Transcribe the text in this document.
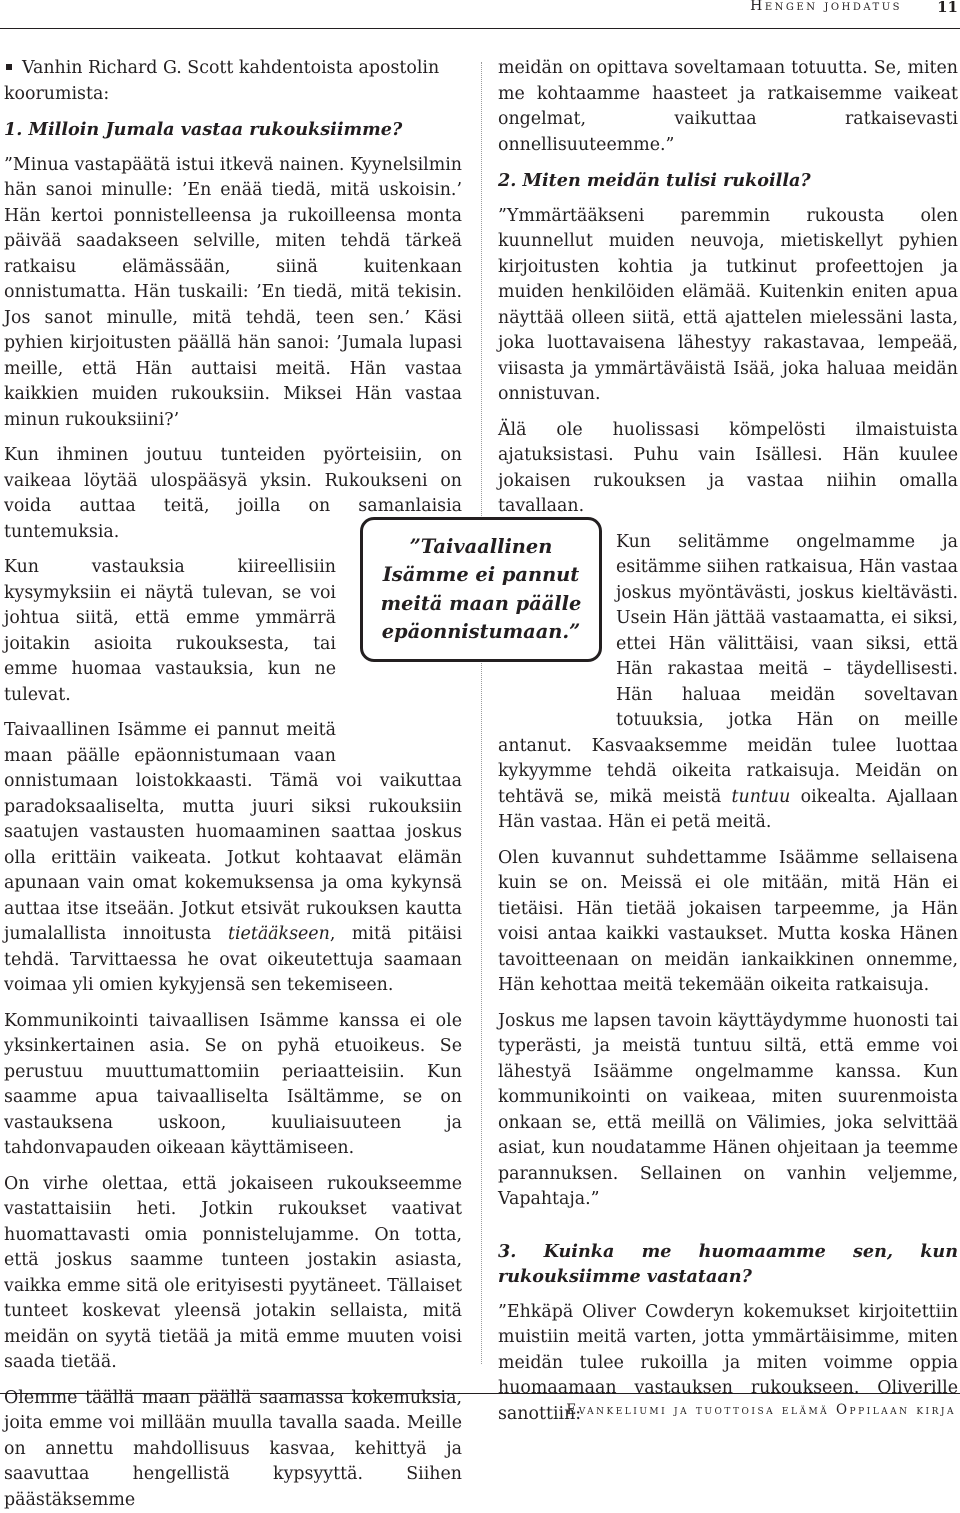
Hengen johdatus 11

Vanhin Richard G. Scott kahdentoista apostolin koorumista:

1. Milloin Jumala vastaa rukouksiimme?

”Minua vastapäätä istui itkevä nainen. Kyynelsilmin hän sanoi minulle: ’En enää tiedä, mitä uskoisin.’ Hän kertoi ponnistelleensa ja rukoilleensa monta päivää saadakseen selville, miten tehdä tärkeä ratkaisu elämässään, siinä kuitenkaan onnistumatta. Hän tuskaili: ’En tiedä, mitä tekisin. Jos sanot minulle, mitä tehdä, teen sen.’ Käsi pyhien kirjoitusten päällä hän sanoi: ’Jumala lupasi meille, että Hän auttaisi meitä. Hän vastaa kaikkien muiden rukouksiin. Miksei Hän vastaa minun rukouksiini?’

Kun ihminen joutuu tunteiden pyörteisiin, on vaikeaa löytää ulospääsyä yksin. Rukoukseni on voida auttaa teitä, joilla on samanlaisia tuntemuksia.

Kun vastauksia kiireellisiin kysymyksiin ei näytä tulevan, se voi johtua siitä, että emme ymmärrä joitakin asioita rukouksesta, tai emme huomaa vastauksia, kun ne tulevat.

Taivaallinen Isämme ei pannut meitä maan päälle epäonnistumaan vaan onnistumaan loistokkaasti. Tämä voi vaikuttaa paradoksaaliselta, mutta juuri siksi rukouksiin saatujen vastausten huomaaminen saattaa joskus olla erittäin vaikeata. Jotkut kohtaavat elämän apunaan vain omat kokemuksensa ja oma kykynsä auttaa itse itseään. Jotkut etsivät rukouksen kautta jumalallista innoitusta tietääkseen, mitä pitäisi tehdä. Tarvittaessa he ovat oikeutettuja saamaan voimaa yli omien kykyjensä sen tekemiseen.

Kommunikointi taivaallisen Isämme kanssa ei ole yksinkertainen asia. Se on pyhä etuoikeus. Se perustuu muuttumattomiin periaatteisiin. Kun saamme apua taivaalliselta Isältämme, se on vastauksena uskoon, kuuliaisuuteen ja tahdonvapauden oikeaan käyttämiseen.

On virhe olettaa, että jokaiseen rukoukseemme vastattaisiin heti. Jotkin rukoukset vaativat huomattavasti omia ponnistelujamme. On totta, että joskus saamme tunteen jostakin asiasta, vaikka emme sitä ole erityisesti pyytäneet. Tällaiset tunteet koskevat yleensä jotakin sellaista, mitä meidän on syytä tietää ja mitä emme muuten voisi saada tietää.

Olemme täällä maan päällä saamassa kokemuksia, joita emme voi millään muulla tavalla saada. Meille on annettu mahdollisuus kasvaa, kehittyä ja saavuttaa hengellistä kypsyyttä. Siihen päästäksemme

meidän on opittava soveltamaan totuutta. Se, miten me kohtaamme haasteet ja ratkaisemme vaikeat ongelmat, vaikuttaa ratkaisevasti onnellisuuteemme.”

2. Miten meidän tulisi rukoilla?

”Ymmärtääkseni paremmin rukousta olen kuunnellut muiden neuvoja, mietiskellyt pyhien kirjoitusten kohtia ja tutkinut profeettojen ja muiden henkilöiden elämää. Kuitenkin eniten apua näyttää olleen siitä, että ajattelen mielessäni lasta, joka luottavaisena lähestyy rakastavaa, lempeää, viisasta ja ymmärtäväistä Isää, joka haluaa meidän onnistuvan.

Älä ole huolissasi kömpelösti ilmaistuista ajatuksistasi. Puhu vain Isällesi. Hän kuulee jokaisen rukouksen ja vastaa niihin omalla tavallaan.

Kun selitämme ongelmamme ja esitämme siihen ratkaisua, Hän vastaa joskus myöntävästi, joskus kieltävästi. Usein Hän jättää vastaamatta, ei siksi, ettei Hän välittäisi, vaan siksi, että Hän rakastaa meitä – täydellisesti. Hän haluaa meidän soveltavan totuuksia, jotka Hän on meille antanut. Kasvaaksemme meidän tulee luottaa kykyymme tehdä oikeita ratkaisuja. Meidän on tehtävä se, mikä meistä tuntuu oikealta. Ajallaan Hän vastaa. Hän ei petä meitä.

Olen kuvannut suhdettamme Isäämme sellaisena kuin se on. Meissä ei ole mitään, mitä Hän ei tietäisi. Hän tietää jokaisen tarpeemme, ja Hän voisi antaa kaikki vastaukset. Mutta koska Hänen tavoitteenaan on meidän iankaikkinen onnemme, Hän kehottaa meitä tekemään oikeita ratkaisuja.

Joskus me lapsen tavoin käyttäydymme huonosti tai typerästi, ja meistä tuntuu siltä, että emme voi lähestyä Isäämme ongelmamme kanssa. Kun kommunikointi on vaikeaa, miten suurenmoista onkaan se, että meillä on Välimies, joka selvittää asiat, kun noudatamme Hänen ohjeitaan ja teemme parannuksen. Sellainen on vanhin veljemme, Vapahtaja.”

3. Kuinka me huomaamme sen, kun rukouksiimme vastataan?

”Ehkäpä Oliver Cowderyn kokemukset kirjoitettiin muistiin meitä varten, jotta ymmärtäisimme, miten meidän tulee rukoilla ja miten voimme oppia huomaamaan vastauksen rukoukseen. Oliverille sanottiin:

”Taivaallinen
Isämme ei pannut
meitä maan päälle
epäonnistumaan.”
Evankeliumi ja tuottoisa elämä Oppilaan kirja
